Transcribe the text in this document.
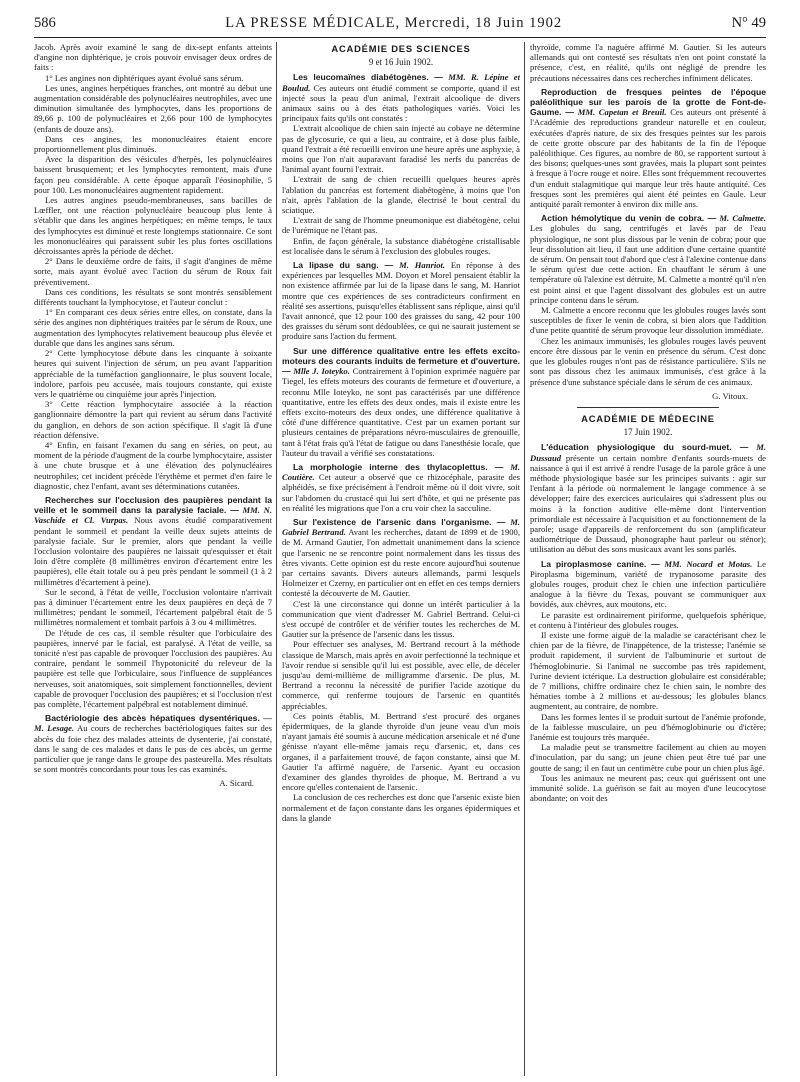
586	LA PRESSE MÉDICALE, Mercredi, 18 Juin 1902	N° 49

Jacob. Après avoir examiné le sang de dix-sept enfants atteints d'angine non diphtérique, je crois pouvoir envisager deux ordres de faits :

1° Les angines non diphtériques ayant évolué sans sérum.

Les unes, angines herpétiques franches, ont montré au début une augmentation considérable des polynucléaires neutrophiles, avec une diminution simultanée des lymphocytes, dans les proportions de 89,66 p. 100 de polynucléaires et 2,66 pour 100 de lymphocytes (enfants de douze ans).

Dans ces angines, les mononucléaires étaient encore proportionnellement plus diminués.

Avec la disparition des vésicules d'herpès, les polynucléaires baissent brusquement; et les lymphocytes remontent, mais d'une façon peu considérable. A cette époque apparaît l'éosinophilie, 5 pour 100. Les mononucléaires augmentent rapidement.

Les autres angines pseudo-membraneuses, sans bacilles de Lœffler, ont une réaction polynucléaire beaucoup plus lente à s'établir que dans les angines herpétiques; en même temps, le taux des lymphocytes est diminué et reste longtemps stationnaire. Ce sont les mononucléaires qui paraissent subir les plus fortes oscillations décroissantes après la période de déchet.

2° Dans le deuxième ordre de faits, il s'agit d'angines de même sorte, mais ayant évolué avec l'action du sérum de Roux fait préventivement.

Dans ces conditions, les résultats se sont montrés sensiblement différents touchant la lymphocytose, et l'auteur conclut :

1° En comparant ces deux séries entre elles, on constate, dans la série des angines non diphtériques traitées par le sérum de Roux, une augmentation des lymphocytes relativement beaucoup plus élevée et durable que dans les angines sans sérum.

2° Cette lymphocytose débute dans les cinquante à soixante heures qui suivent l'injection de sérum, un peu avant l'apparition appréciable de la tuméfaction ganglionnaire, le plus souvent locale, indolore, parfois peu accusée, mais toujours constante, qui existe vers le quatrième ou cinquième jour après l'injection.

3° Cette réaction lymphocytaire associée à la réaction ganglionnaire démontre la part qui revient au sérum dans l'activité du ganglion, en dehors de son action spécifique. Il s'agit là d'une réaction défensive.

4° Enfin, en faisant l'examen du sang en séries, on peut, au moment de la période d'augment de la courbe lymphocytaire, assister à une chute brusque et à une élévation des polynucléaires neutrophiles; cet incident précède l'érythème et permet d'en faire le diagnostic, chez l'enfant, avant ses déterminations cutanées.

Recherches sur l'occlusion des paupières pendant la veille et le sommeil dans la paralysie faciale. — MM. N. Vaschide et Cl. Vurpas. Nous avons étudié comparativement pendant le sommeil et pendant la veille deux sujets atteints de paralysie faciale. Sur le premier, alors que pendant la veille l'occlusion volontaire des paupières ne laissait qu'esquisser et était loin d'être complète (8 millimètres environ d'écartement entre les paupières), elle était totale ou à peu près pendant le sommeil (1 à 2 millimètres d'écartement à peine).

Sur le second, à l'état de veille, l'occlusion volontaire n'arrivait pas à diminuer l'écartement entre les deux paupières en deçà de 7 millimètres; pendant le sommeil, l'écartement palpébral était de 5 millimètres normalement et tombait parfois à 3 ou 4 millimètres.

De l'étude de ces cas, il semble résulter que l'orbiculaire des paupières, innervé par le facial, est paralysé. A l'état de veille, sa tonicité n'est pas capable de provoquer l'occlusion des paupières. Au contraire, pendant le sommeil l'hypotonicité du releveur de la paupière est telle que l'orbiculaire, sous l'influence de suppléances nerveuses, soit anatomiques, soit simplement fonctionnelles, devient capable de provoquer l'occlusion des paupières; et si l'occlusion n'est pas complète, l'écartement palpébral est notablement diminué.

Bactériologie des abcès hépatiques dysentériques. — M. Lesage. Au cours de recherches bactériologiques faites sur des abcès du foie chez des malades atteints de dysenterie, j'ai constaté, dans le sang de ces malades et dans le pus de ces abcès, un germe particulier que je range dans le groupe des pasteurella. Mes résultats se sont montrés concordants pour tous les cas examinés.

A. Sicard.
ACADÉMIE DES SCIENCES
9 et 16 Juin 1902.

Les leucomaïnes diabétogènes. — MM. R. Lépine et Boulud. Ces auteurs ont étudié comment se comporte, quand il est injecté sous la peau d'un animal, l'extrait alcoolique de divers animaux sains ou à des états pathologiques variés. Voici les principaux faits qu'ils ont constatés :

L'extrait alcoolique de chien sain injecté au cobaye ne détermine pas de glycosurie, ce qui a lieu, au contraire, et à dose plus faible, quand l'extrait a été recueilli environ une heure après une asphyxie, à moins que l'on n'ait auparavant faradisé les nerfs du pancréas de l'animal ayant fourni l'extrait.

L'extrait de sang de chien recueilli quelques heures après l'ablation du pancréas est fortement diabétogène, à moins que l'on n'ait, après l'ablation de la glande, électrisé le bout central du sciatique.

L'extrait de sang de l'homme pneumonique est diabétogène, celui de l'urémique ne l'étant pas.

Enfin, de façon générale, la substance diabétogène cristallisable est localisée dans le sérum à l'exclusion des globules rouges.

La lipase du sang. — M. Hanriot. En réponse à des expériences par lesquelles MM. Doyon et Morel pensaient établir la non existence affirmée par lui de la lipase dans le sang, M. Hanriot montre que ces expériences de ses contradicteurs confirment en réalité ses assertions, puisqu'elles établissent sans réplique, ainsi qu'il l'avait annoncé, que 12 pour 100 des graisses du sang, 42 pour 100 des graisses du sérum sont dédoublées, ce qui ne saurait justement se produire sans l'action du ferment.

Sur une différence qualitative entre les effets excito-moteurs des courants induits de fermeture et d'ouverture. — Mlle J. Ioteyko. Contrairement à l'opinion exprimée naguère par Tiegel, les effets moteurs des courants de fermeture et d'ouverture, a reconnu Mlle Ioteyko, ne sont pas caractérisés par une différence quantitative, entre les effets des deux ondes, mais il existe entre les effets excito-moteurs des deux ondes, une différence qualitative à côté d'une différence quantitative. C'est par un examen portant sur plusieurs centaines de préparations névro-musculaires de grenouille, tant à l'état frais qu'à l'état de fatigue ou dans l'anesthésie locale, que l'auteur du travail a vérifié ses constatations.

La morphologie interne des thylacoplettus. — M. Coutière. Cet auteur a observé que ce rhizocéphale, parasite des alphéidés, se fixe précisément à l'endroit même où il doit vivre, soit sur l'abdomen du crustacé qui lui sert d'hôte, et qui ne présente pas en réalité les migrations que l'on a cru voir chez la sacculine.

Sur l'existence de l'arsenic dans l'organisme. — M. Gabriel Bertrand. Avant les recherches, datant de 1899 et de 1900, de M. Armand Gautier, l'on admettait unanimement dans la science que l'arsenic ne se rencontre point normalement dans les tissus des êtres vivants. Cette opinion est du reste encore aujourd'hui soutenue par certains savants. Divers auteurs allemands, parmi lesquels Holmeizer et Czerny, en particulier ont en effet en ces temps derniers contesté la découverte de M. Gautier.

C'est là une circonstance qui donne un intérêt particulier à la communication que vient d'adresser M. Gabriel Bertrand. Celui-ci s'est occupé de contrôler et de vérifier toutes les recherches de M. Gautier sur la présence de l'arsenic dans les tissus.

Pour effectuer ses analyses, M. Bertrand recourt à la méthode classique de Marsch, mais après en avoir perfectionné la technique et l'avoir rendue si sensible qu'il lui est possible, avec elle, de déceler jusqu'au demi-millième de milligramme d'arsenic. De plus, M. Bertrand a reconnu la nécessité de purifier l'acide azotique du commerce, qui renferme toujours de l'arsenic en quantités appréciables.

Ces points établis, M. Bertrand s'est procuré des organes épidermiques, de la glande thyroïde d'un jeune veau d'un mois n'ayant jamais été soumis à aucune médication arsenicale et né d'une génisse n'ayant elle-même jamais reçu d'arsenic, et, dans ces organes, il a parfaitement trouvé, de façon constante, ainsi que M. Gautier l'a affirmé naguère, de l'arsenic. Ayant eu occasion d'examiner des glandes thyroïdes de phoque, M. Bertrand a vu encore qu'elles contenaient de l'arsenic.

La conclusion de ces recherches est donc que l'arsenic existe bien normalement et de façon constante dans les organes épidermiques et dans la glande

thyroïde, comme l'a naguère affirmé M. Gautier. Si les auteurs allemands qui ont contesté ses résultats n'en ont point constaté la présence, c'est, en réalité, qu'ils ont négligé de prendre les précautions nécessaires dans ces recherches infiniment délicates.

Reproduction de fresques peintes de l'époque paléolithique sur les parois de la grotte de Font-de-Gaume. — MM. Capetan et Breuil. Ces auteurs ont présenté à l'Académie des reproductions grandeur naturelle et en couleur, exécutées d'après nature, de six des fresques peintes sur les parois de cette grotte obscure par des habitants de la fin de l'époque paléolithique. Ces figures, au nombre de 80, se rapportent surtout à des bisons; quelques-unes sont gravées, mais la plupart sont peintes à fresque à l'ocre rouge et noire. Elles sont fréquemment recouvertes d'un enduit stalagmitique qui marque leur très haute antiquité. Ces fresques sont les premières qui aient été peintes en Gaule. Leur antiquité paraît remonter à environ dix mille ans.

Action hémolytique du venin de cobra. — M. Calmette. Les globules du sang, centrifugés et lavés par de l'eau physiologique, ne sont plus dissous par le venin de cobra; pour que leur dissolution ait lieu, il faut une addition d'une certaine quantité de sérum. On pensait tout d'abord que c'est à l'alexine contenue dans le sérum qu'est due cette action. En chauffant le sérum à une température où l'alexine est détruite, M. Calmette a montré qu'il n'en est point ainsi et que l'agent dissolvant des globules est un autre principe contenu dans le sérum.

M. Calmette a encore reconnu que les globules rouges lavés sont susceptibles de fixer le venin de cobra, si bien alors que l'addition d'une petite quantité de sérum provoque leur dissolution immédiate.

Chez les animaux immunisés, les globules rouges lavés peuvent encore être dissous par le venin en présence du sérum. C'est donc que les globules rouges n'ont pas de résistance particulière. S'ils ne sont pas dissous chez les animaux immunisés, c'est grâce à la présence d'une substance spéciale dans le sérum de ces animaux.

G. Vitoux.
ACADÉMIE DE MÉDECINE
17 Juin 1902.

L'éducation physiologique du sourd-muet. — M. Dussaud présente un certain nombre d'enfants sourds-muets de naissance à qui il est arrivé à rendre l'usage de la parole grâce à une méthode physiologique basée sur les principes suivants : agir sur l'enfant à la période où normalement le langage commence à se développer; faire des exercices auriculaires qui s'adressent plus ou moins à la fonction auditive elle-même dont l'intervention primordiale est nécessaire à l'acquisition et au fonctionnement de la parole; usage d'appareils de renforcement du son (amplificateur audiométrique de Dussaud, phonographe haut parleur ou sténor); utilisation au début des sons musicaux avant les sons parlés.

La piroplasmose canine. — MM. Nocard et Motas. Le Piroplasma bigeminum, variété de trypanosome parasite des globules rouges, produit chez le chien une infection particulière analogue à la fièvre du Texas, pouvant se communiquer aux bovidés, aux chèvres, aux moutons, etc.

Le parasite est ordinairement piriforme, quelquefois sphérique, et contenu à l'intérieur des globules rouges.

Il existe une forme aiguë de la maladie se caractérisant chez le chien par de la fièvre, de l'inappétence, de la tristesse; l'anémie se produit rapidement, il survient de l'albuminurie et surtout de l'hémoglobinurie. Si l'animal ne succombe pas très rapidement, l'urine devient ictérique. La destruction globulaire est considérable; de 7 millions, chiffre ordinaire chez le chien sain, le nombre des hématies tombe à 2 millions et au-dessous; les globules blancs augmentent, au contraire, de nombre.

Dans les formes lentes il se produit surtout de l'anémie profonde, de la faiblesse musculaire, un peu d'hémoglobinurie ou d'ictère; l'anémie est toujours très marquée.

La maladie peut se transmettre facilement au chien au moyen d'inoculation, par du sang; un jeune chien peut être tué par une goutte de sang; il en faut un centimètre cube pour un chien plus âgé.

Tous les animaux ne meurent pas; ceux qui guérissent ont une immunité solide. La guérison se fait au moyen d'une leucocytose abondante; on voit des
